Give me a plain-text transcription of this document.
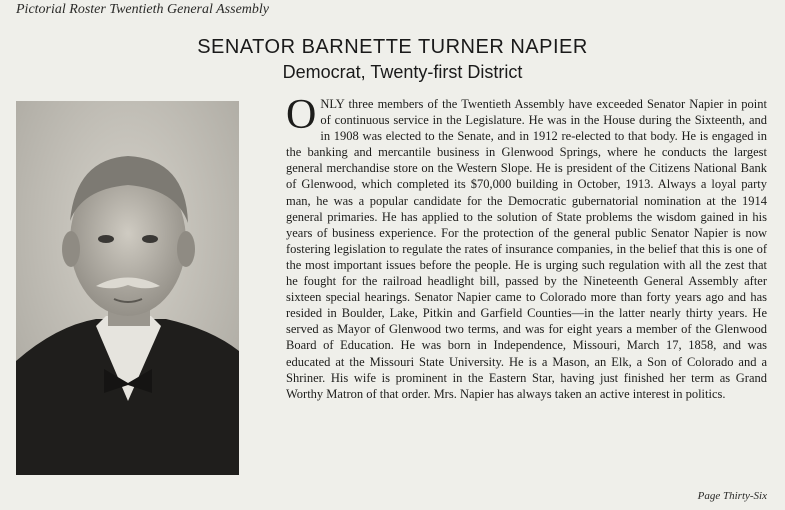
Pictorial Roster Twentieth General Assembly
SENATOR BARNETTE TURNER NAPIER
Democrat, Twenty-first District
ONLY three members of the Twentieth Assembly have exceeded Senator Napier in point of continuous service in the Legislature. He was in the House during the Sixteenth, and in 1908 was elected to the Senate, and in 1912 re-elected to that body. He is engaged in the banking and mercantile business in Glenwood Springs, where he conducts the largest general merchandise store on the Western Slope. He is president of the Citizens National Bank of Glenwood, which completed its $70,000 building in October, 1913. Always a loyal party man, he was a popular candidate for the Democratic gubernatorial nomination at the 1914 general primaries. He has applied to the solution of State problems the wisdom gained in his years of business experience. For the protection of the general public Senator Napier is now fostering legislation to regulate the rates of insurance companies, in the belief that this is one of the most important issues before the people. He is urging such regulation with all the zest that he fought for the railroad headlight bill, passed by the Nineteenth General Assembly after sixteen special hearings. Senator Napier came to Colorado more than forty years ago and has resided in Boulder, Lake, Pitkin and Garfield Counties—in the latter nearly thirty years. He served as Mayor of Glenwood two terms, and was for eight years a member of the Glenwood Board of Education. He was born in Independence, Missouri, March 17, 1858, and was educated at the Missouri State University. He is a Mason, an Elk, a Son of Colorado and a Shriner. His wife is prominent in the Eastern Star, having just finished her term as Grand Worthy Matron of that order. Mrs. Napier has always taken an active interest in politics.
Page Thirty-Six
